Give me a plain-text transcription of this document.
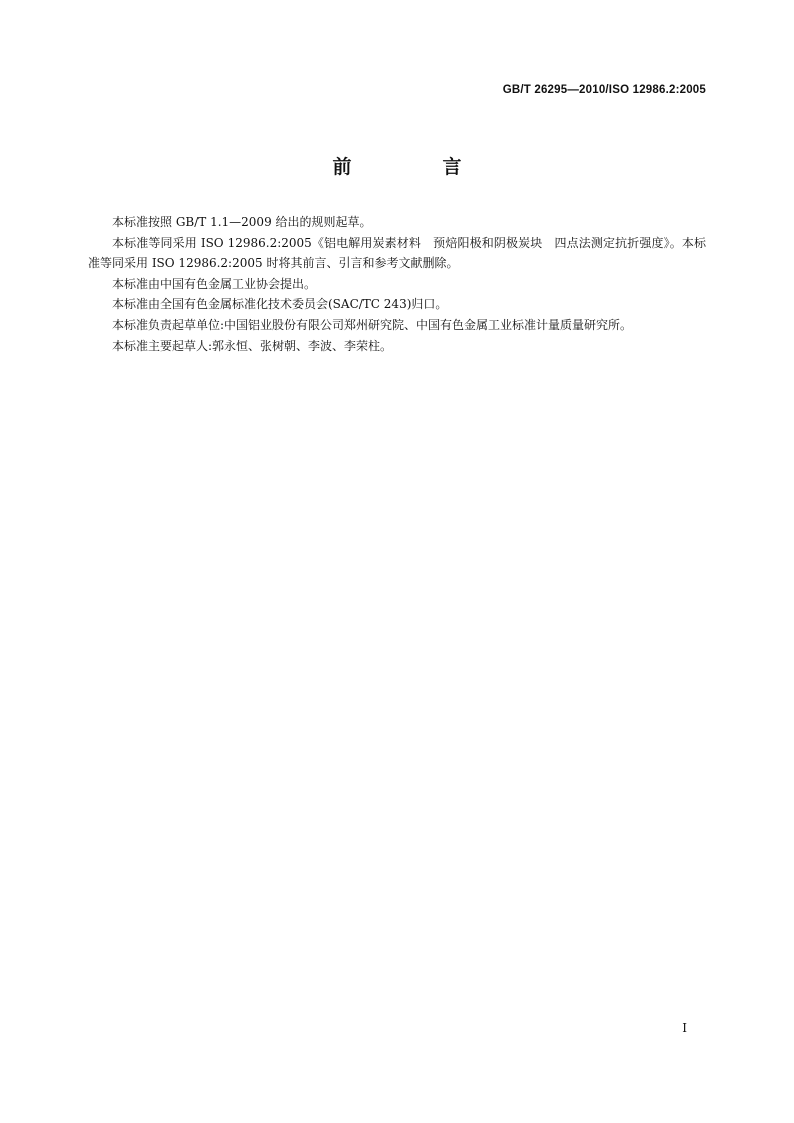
GB/T 26295—2010/ISO 12986.2:2005
前　言

本标准按照 GB/T 1.1—2009 给出的规则起草。

本标准等同采用 ISO 12986.2:2005《铝电解用炭素材料　预焙阳极和阴极炭块　四点法测定抗折强度》。本标准等同采用 ISO 12986.2:2005 时将其前言、引言和参考文献删除。

本标准由中国有色金属工业协会提出。

本标准由全国有色金属标准化技术委员会(SAC/TC 243)归口。

本标准负责起草单位:中国铝业股份有限公司郑州研究院、中国有色金属工业标准计量质量研究所。

本标准主要起草人:郭永恒、张树朝、李波、李荣柱。

I
